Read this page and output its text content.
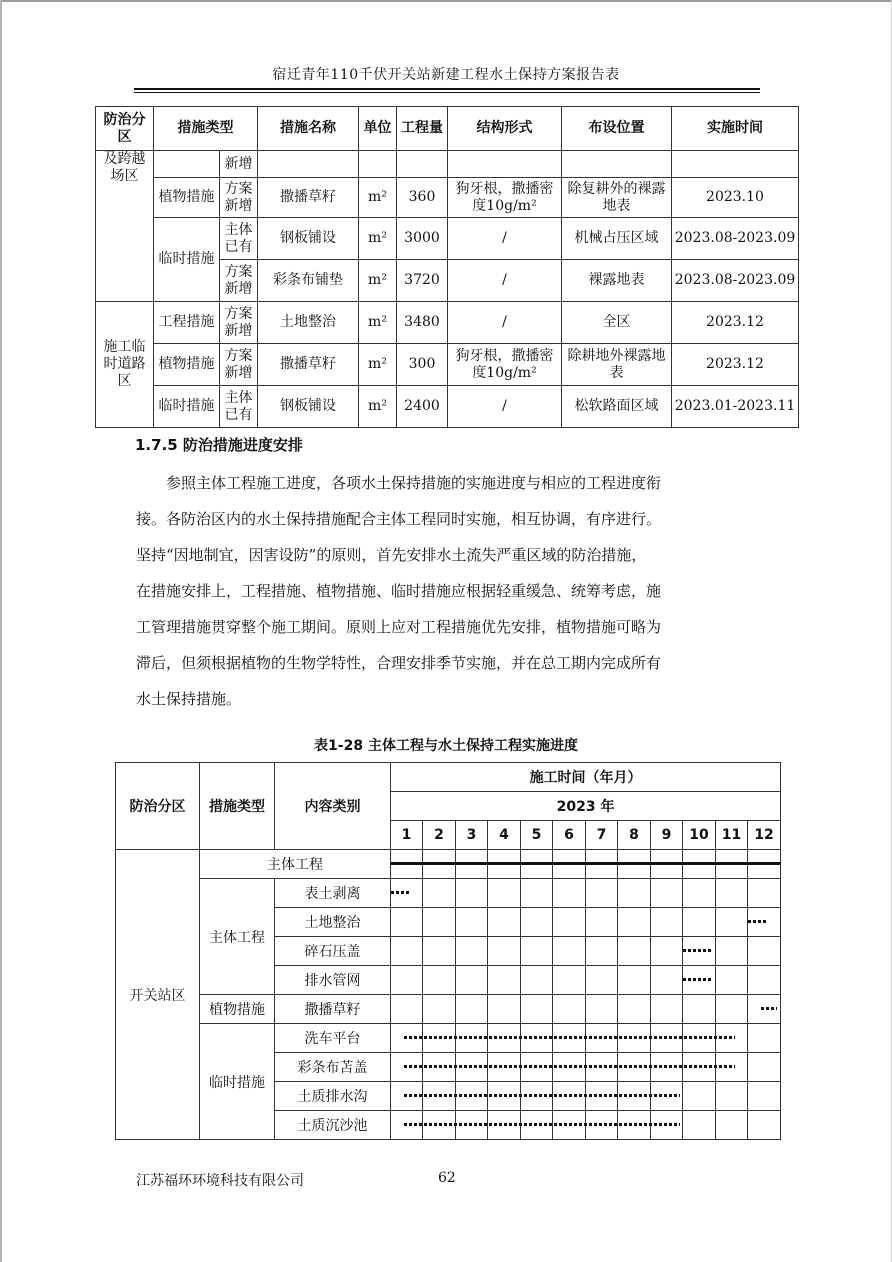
宿迁青年110千伏开关站新建工程水土保持方案报告表
防治分区	措施类型		措施名称	单位	工程量	结构形式	布设位置	实施时间
及跨越场区		新增						
	植物措施	方案新增	撒播草籽	m²	360	狗牙根，撒播密度10g/m²	除复耕外的裸露地表	2023.10
	临时措施	主体已有	钢板铺设	m²	3000	/	机械占压区域	2023.08-2023.09
		方案新增	彩条布铺垫	m²	3720	/	裸露地表	2023.08-2023.09
施工临时道路区	工程措施	方案新增	土地整治	m²	3480	/	全区	2023.12
	植物措施	方案新增	撒播草籽	m²	300	狗牙根，撒播密度10g/m²	除耕地外裸露地表	2023.12
	临时措施	主体已有	钢板铺设	m²	2400	/	松软路面区域	2023.01-2023.11
1.7.5 防治措施进度安排
参照主体工程施工进度，各项水土保持措施的实施进度与相应的工程进度衔
接。各防治区内的水土保持措施配合主体工程同时实施，相互协调，有序进行。
坚持“因地制宜，因害设防”的原则，首先安排水土流失严重区域的防治措施，
在措施安排上，工程措施、植物措施、临时措施应根据轻重缓急、统筹考虑，施
工管理措施贯穿整个施工期间。原则上应对工程措施优先安排，植物措施可略为
滞后，但须根据植物的生物学特性，合理安排季节实施，并在总工期内完成所有
水土保持措施。
表1-28 主体工程与水土保持工程实施进度
防治分区	措施类型	内容类别	施工时间（年月）											
			2023 年											
			1	2	3	4	5	6	7	8	9	10	11	12
开关站区	主体工程													
	主体工程	表土剥离												
		土地整治												
		碎石压盖												
		排水管网												
	植物措施	撒播草籽												
	临时措施	洗车平台												
		彩条布苫盖												
		土质排水沟												
		土质沉沙池												
江苏福环环境科技有限公司	62
